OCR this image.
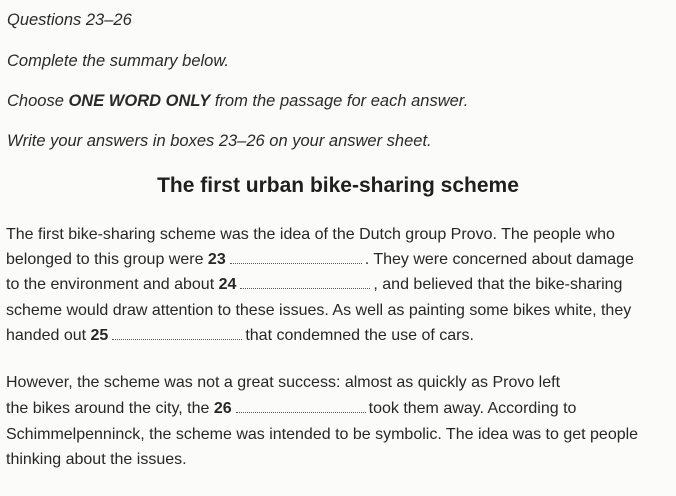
Questions 23–26
Complete the summary below.
Choose ONE WORD ONLY from the passage for each answer.
Write your answers in boxes 23–26 on your answer sheet.
The first urban bike-sharing scheme
The first bike-sharing scheme was the idea of the Dutch group Provo. The people who
belonged to this group were 23	. They were concerned about damage
to the environment and about 24	, and believed that the bike-sharing
scheme would draw attention to these issues. As well as painting some bikes white, they
handed out 25	that condemned the use of cars.
However, the scheme was not a great success: almost as quickly as Provo left
the bikes around the city, the 26	took them away. According to
Schimmelpenninck, the scheme was intended to be symbolic. The idea was to get people
thinking about the issues.
